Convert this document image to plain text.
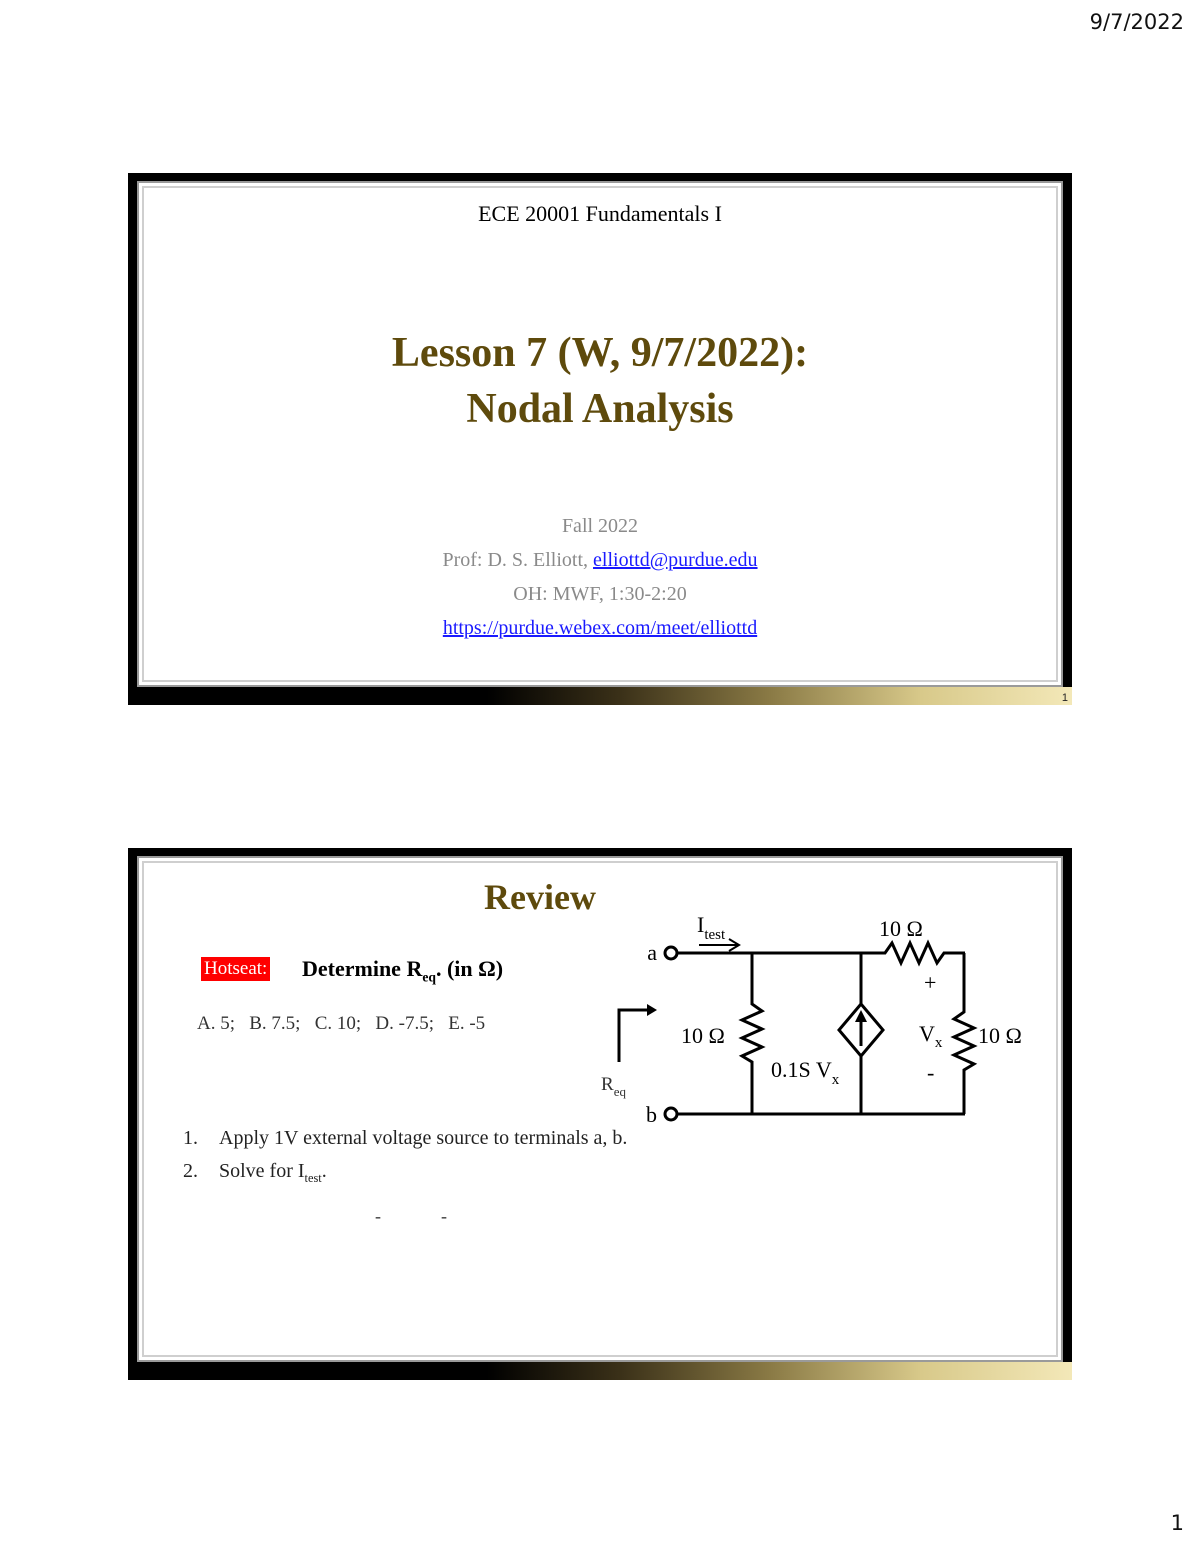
9/7/2022
1
ECE 20001 Fundamentals I
Lesson 7 (W, 9/7/2022):
Nodal Analysis
Fall 2022
Prof: D. S. Elliott, elliottd@purdue.edu
OH: MWF, 1:30-2:20
https://purdue.webex.com/meet/elliottd
Review
Hotseat: Determine $R_{eq}$. (in Ω)
A. 5;   B. 7.5;   C. 10;   D. -7.5;   E. -5
a
b
$I_{test}$
$R_{eq}$
10 Ω
10 Ω	10 Ω
0.1S $V_x$
+
$V_x$
-
1. Apply 1V external voltage source to terminals a, b.
2. Solve for $I_{test}$.
-	-
1
